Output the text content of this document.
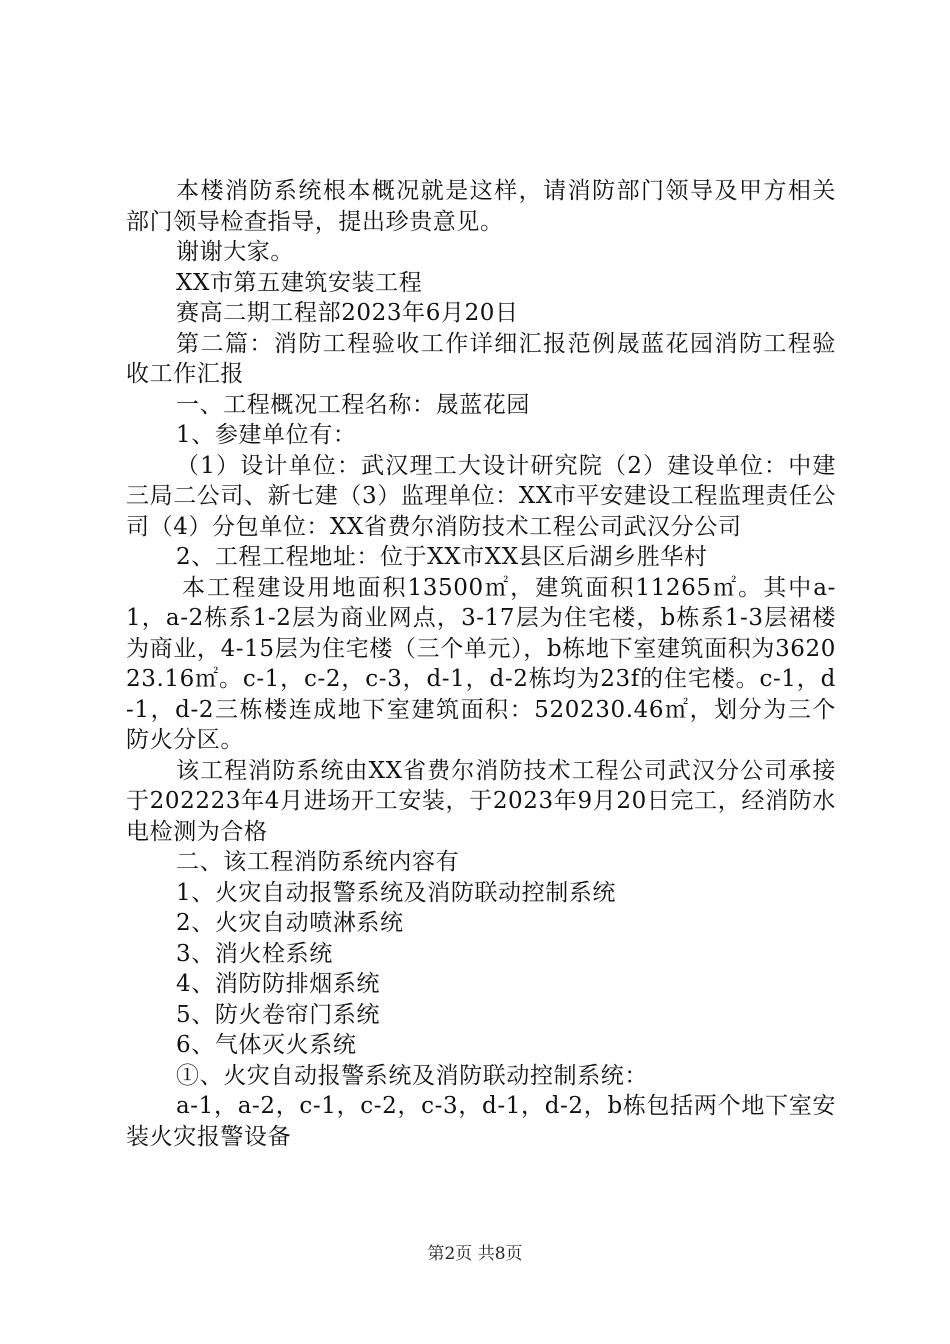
本楼消防系统根本概况就是这样，请消防部门领导及甲方相关部门领导检查指导，提出珍贵意见。

谢谢大家。

XX市第五建筑安装工程

赛高二期工程部2023年6月20日

第二篇：消防工程验收工作详细汇报范例晟蓝花园消防工程验收工作汇报

一、工程概况工程名称：晟蓝花园

1、参建单位有：

（1）设计单位：武汉理工大设计研究院（2）建设单位：中建三局二公司、新七建（3）监理单位：XX市平安建设工程监理责任公司（4）分包单位：XX省费尔消防技术工程公司武汉分公司

2、工程工程地址：位于XX市XX县区后湖乡胜华村

本工程建设用地面积13500㎡，建筑面积11265㎡。其中a-1，a-2栋系1-2层为商业网点，3-17层为住宅楼，b栋系1-3层裙楼为商业，4-15层为住宅楼（三个单元），b栋地下室建筑面积为362023.16㎡。c-1，c-2，c-3，d-1，d-2栋均为23f的住宅楼。c-1，d-1，d-2三栋楼连成地下室建筑面积：520230.46㎡，划分为三个防火分区。

该工程消防系统由XX省费尔消防技术工程公司武汉分公司承接于202223年4月进场开工安装，于2023年9月20日完工，经消防水电检测为合格

二、该工程消防系统内容有

1、火灾自动报警系统及消防联动控制系统

2、火灾自动喷淋系统

3、消火栓系统

4、消防防排烟系统

5、防火卷帘门系统

6、气体灭火系统

①、火灾自动报警系统及消防联动控制系统：

a-1，a-2，c-1，c-2，c-3，d-1，d-2，b栋包括两个地下室安装火灾报警设备

第2页 共8页
